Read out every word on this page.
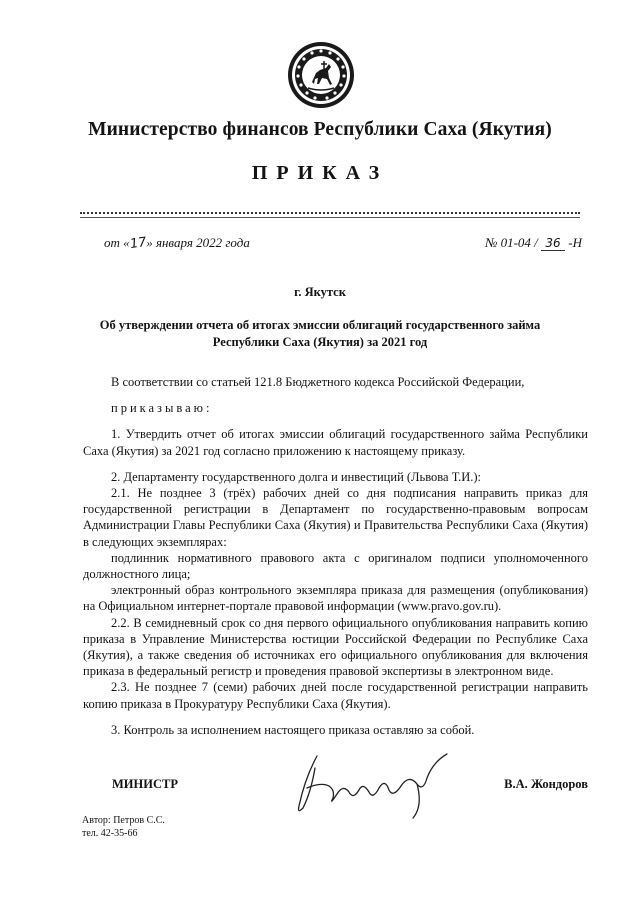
Министерство финансов Республики Саха (Якутия)
ПРИКАЗ
от «17» января 2022 года	№ 01-04 / 36 -Н
г. Якутск
Об утверждении отчета об итогах эмиссии облигаций государственного займа
Республики Саха (Якутия) за 2021 год

В соответствии со статьей 121.8 Бюджетного кодекса Российской Федерации,

приказываю:

1. Утвердить отчет об итогах эмиссии облигаций государственного займа Республики Саха (Якутия) за 2021 год согласно приложению к настоящему приказу.

2. Департаменту государственного долга и инвестиций (Львова Т.И.):

2.1. Не позднее 3 (трёх) рабочих дней со дня подписания направить приказ для государственной регистрации в Департамент по государственно-правовым вопросам Администрации Главы Республики Саха (Якутия) и Правительства Республики Саха (Якутия) в следующих экземплярах:

подлинник нормативного правового акта с оригиналом подписи уполномоченного должностного лица;

электронный образ контрольного экземпляра приказа для размещения (опубликования) на Официальном интернет-портале правовой информации (www.pravo.gov.ru).

2.2. В семидневный срок со дня первого официального опубликования направить копию приказа в Управление Министерства юстиции Российской Федерации по Республике Саха (Якутия), а также сведения об источниках его официального опубликования для включения приказа в федеральный регистр и проведения правовой экспертизы в электронном виде.

2.3. Не позднее 7 (семи) рабочих дней после государственной регистрации направить копию приказа в Прокуратуру Республики Саха (Якутия).

3. Контроль за исполнением настоящего приказа оставляю за собой.

МИНИСТР	В.А. Жондоров
Автор: Петров С.С.
тел. 42-35-66
